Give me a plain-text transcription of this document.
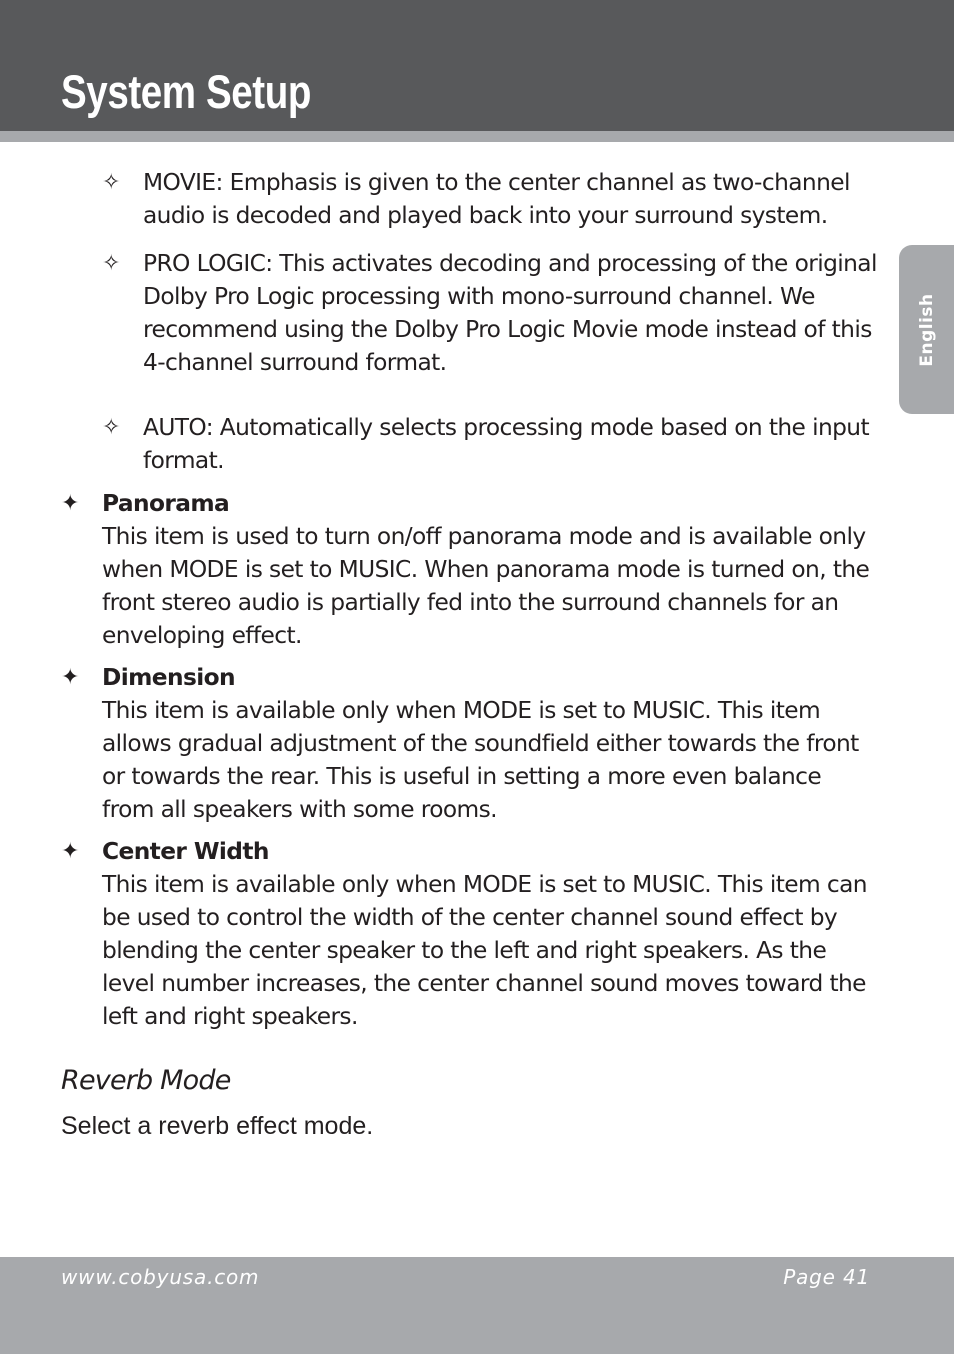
System Setup
English
✧ MOVIE: Emphasis is given to the center channel as two-channel audio is decoded and played back into your surround system.
✧ PRO LOGIC: This activates decoding and processing of the original Dolby Pro Logic processing with mono-surround channel. We recommend using the Dolby Pro Logic Movie mode instead of this 4-channel surround format.
✧ AUTO: Automatically selects processing mode based on the input format.
✦ Panorama
This item is used to turn on/off panorama mode and is available only when MODE is set to MUSIC. When panorama mode is turned on, the front stereo audio is partially fed into the surround channels for an enveloping effect.
✦ Dimension
This item is available only when MODE is set to MUSIC. This item allows gradual adjustment of the soundfield either towards the front or towards the rear. This is useful in setting a more even balance from all speakers with some rooms.
✦ Center Width
This item is available only when MODE is set to MUSIC. This item can be used to control the width of the center channel sound effect by blending the center speaker to the left and right speakers. As the level number increases, the center channel sound moves toward the left and right speakers.
Reverb Mode
Select a reverb effect mode.
www.cobyusa.com	Page 41
